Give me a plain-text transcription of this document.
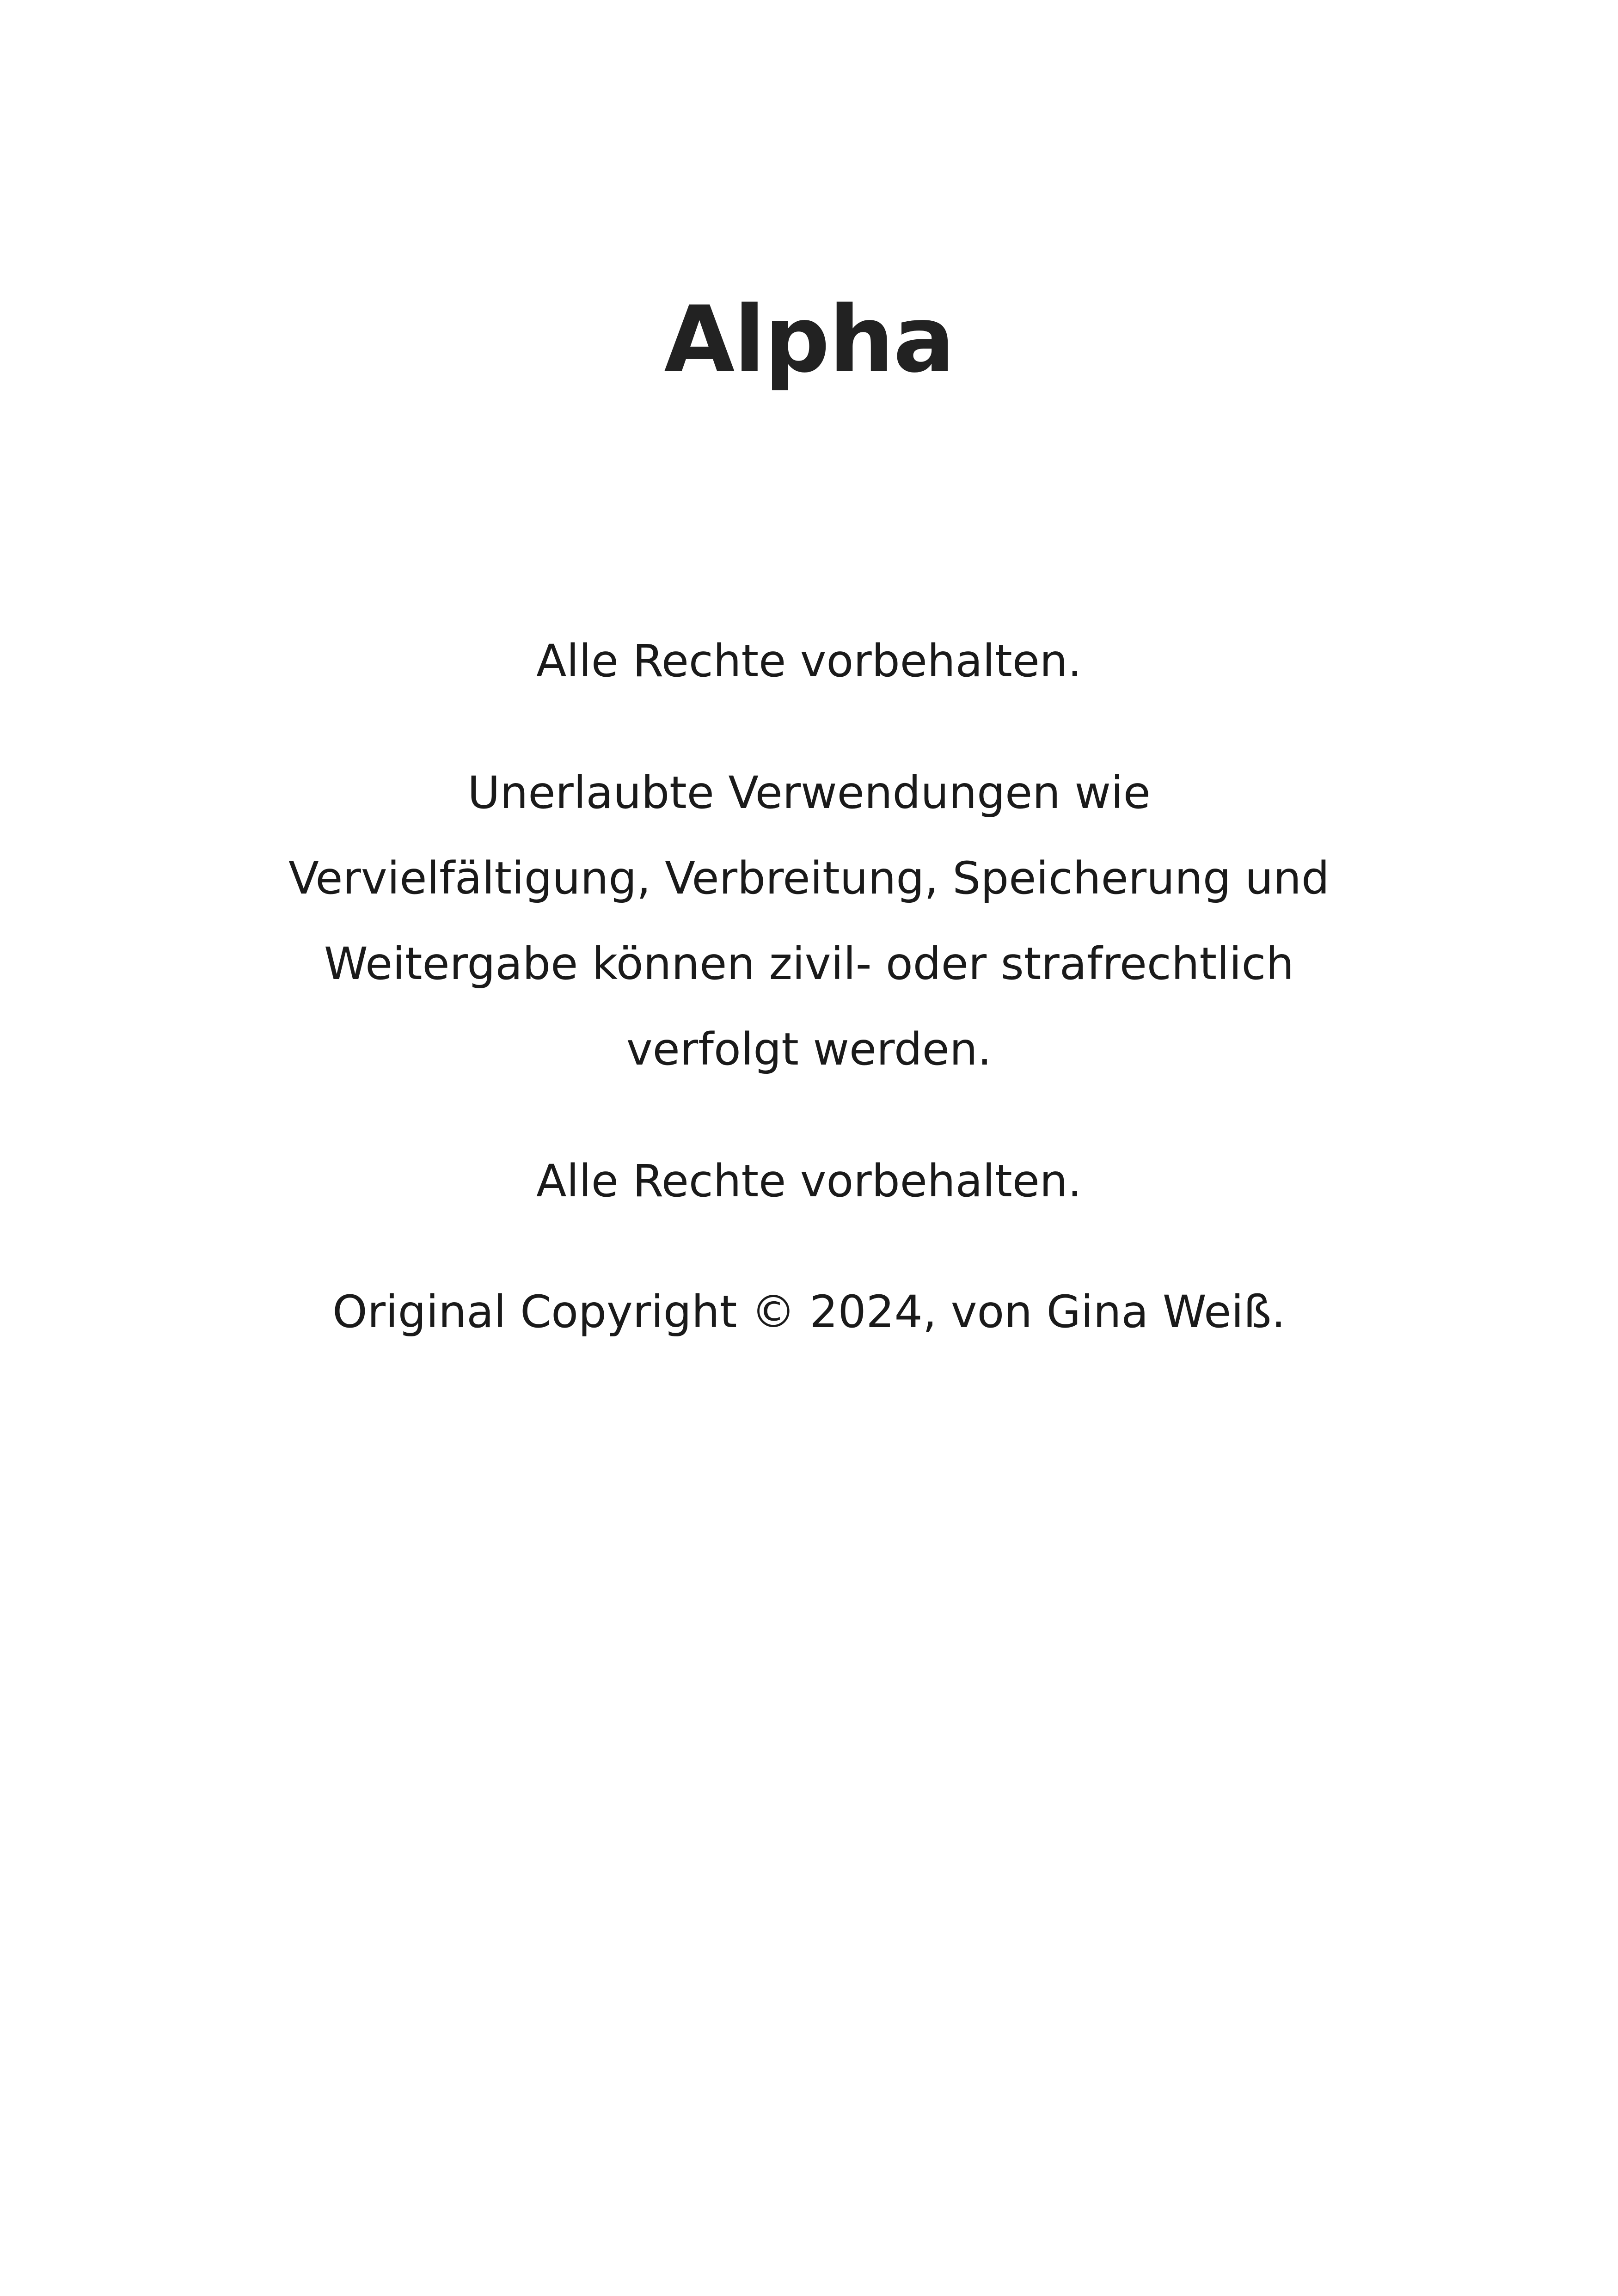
Alpha
Alle Rechte vorbehalten.
Unerlaubte Verwendungen wie
Vervielfältigung, Verbreitung, Speicherung und
Weitergabe können zivil- oder strafrechtlich
verfolgt werden.
Alle Rechte vorbehalten.
Original Copyright © 2024, von Gina Weiß.
